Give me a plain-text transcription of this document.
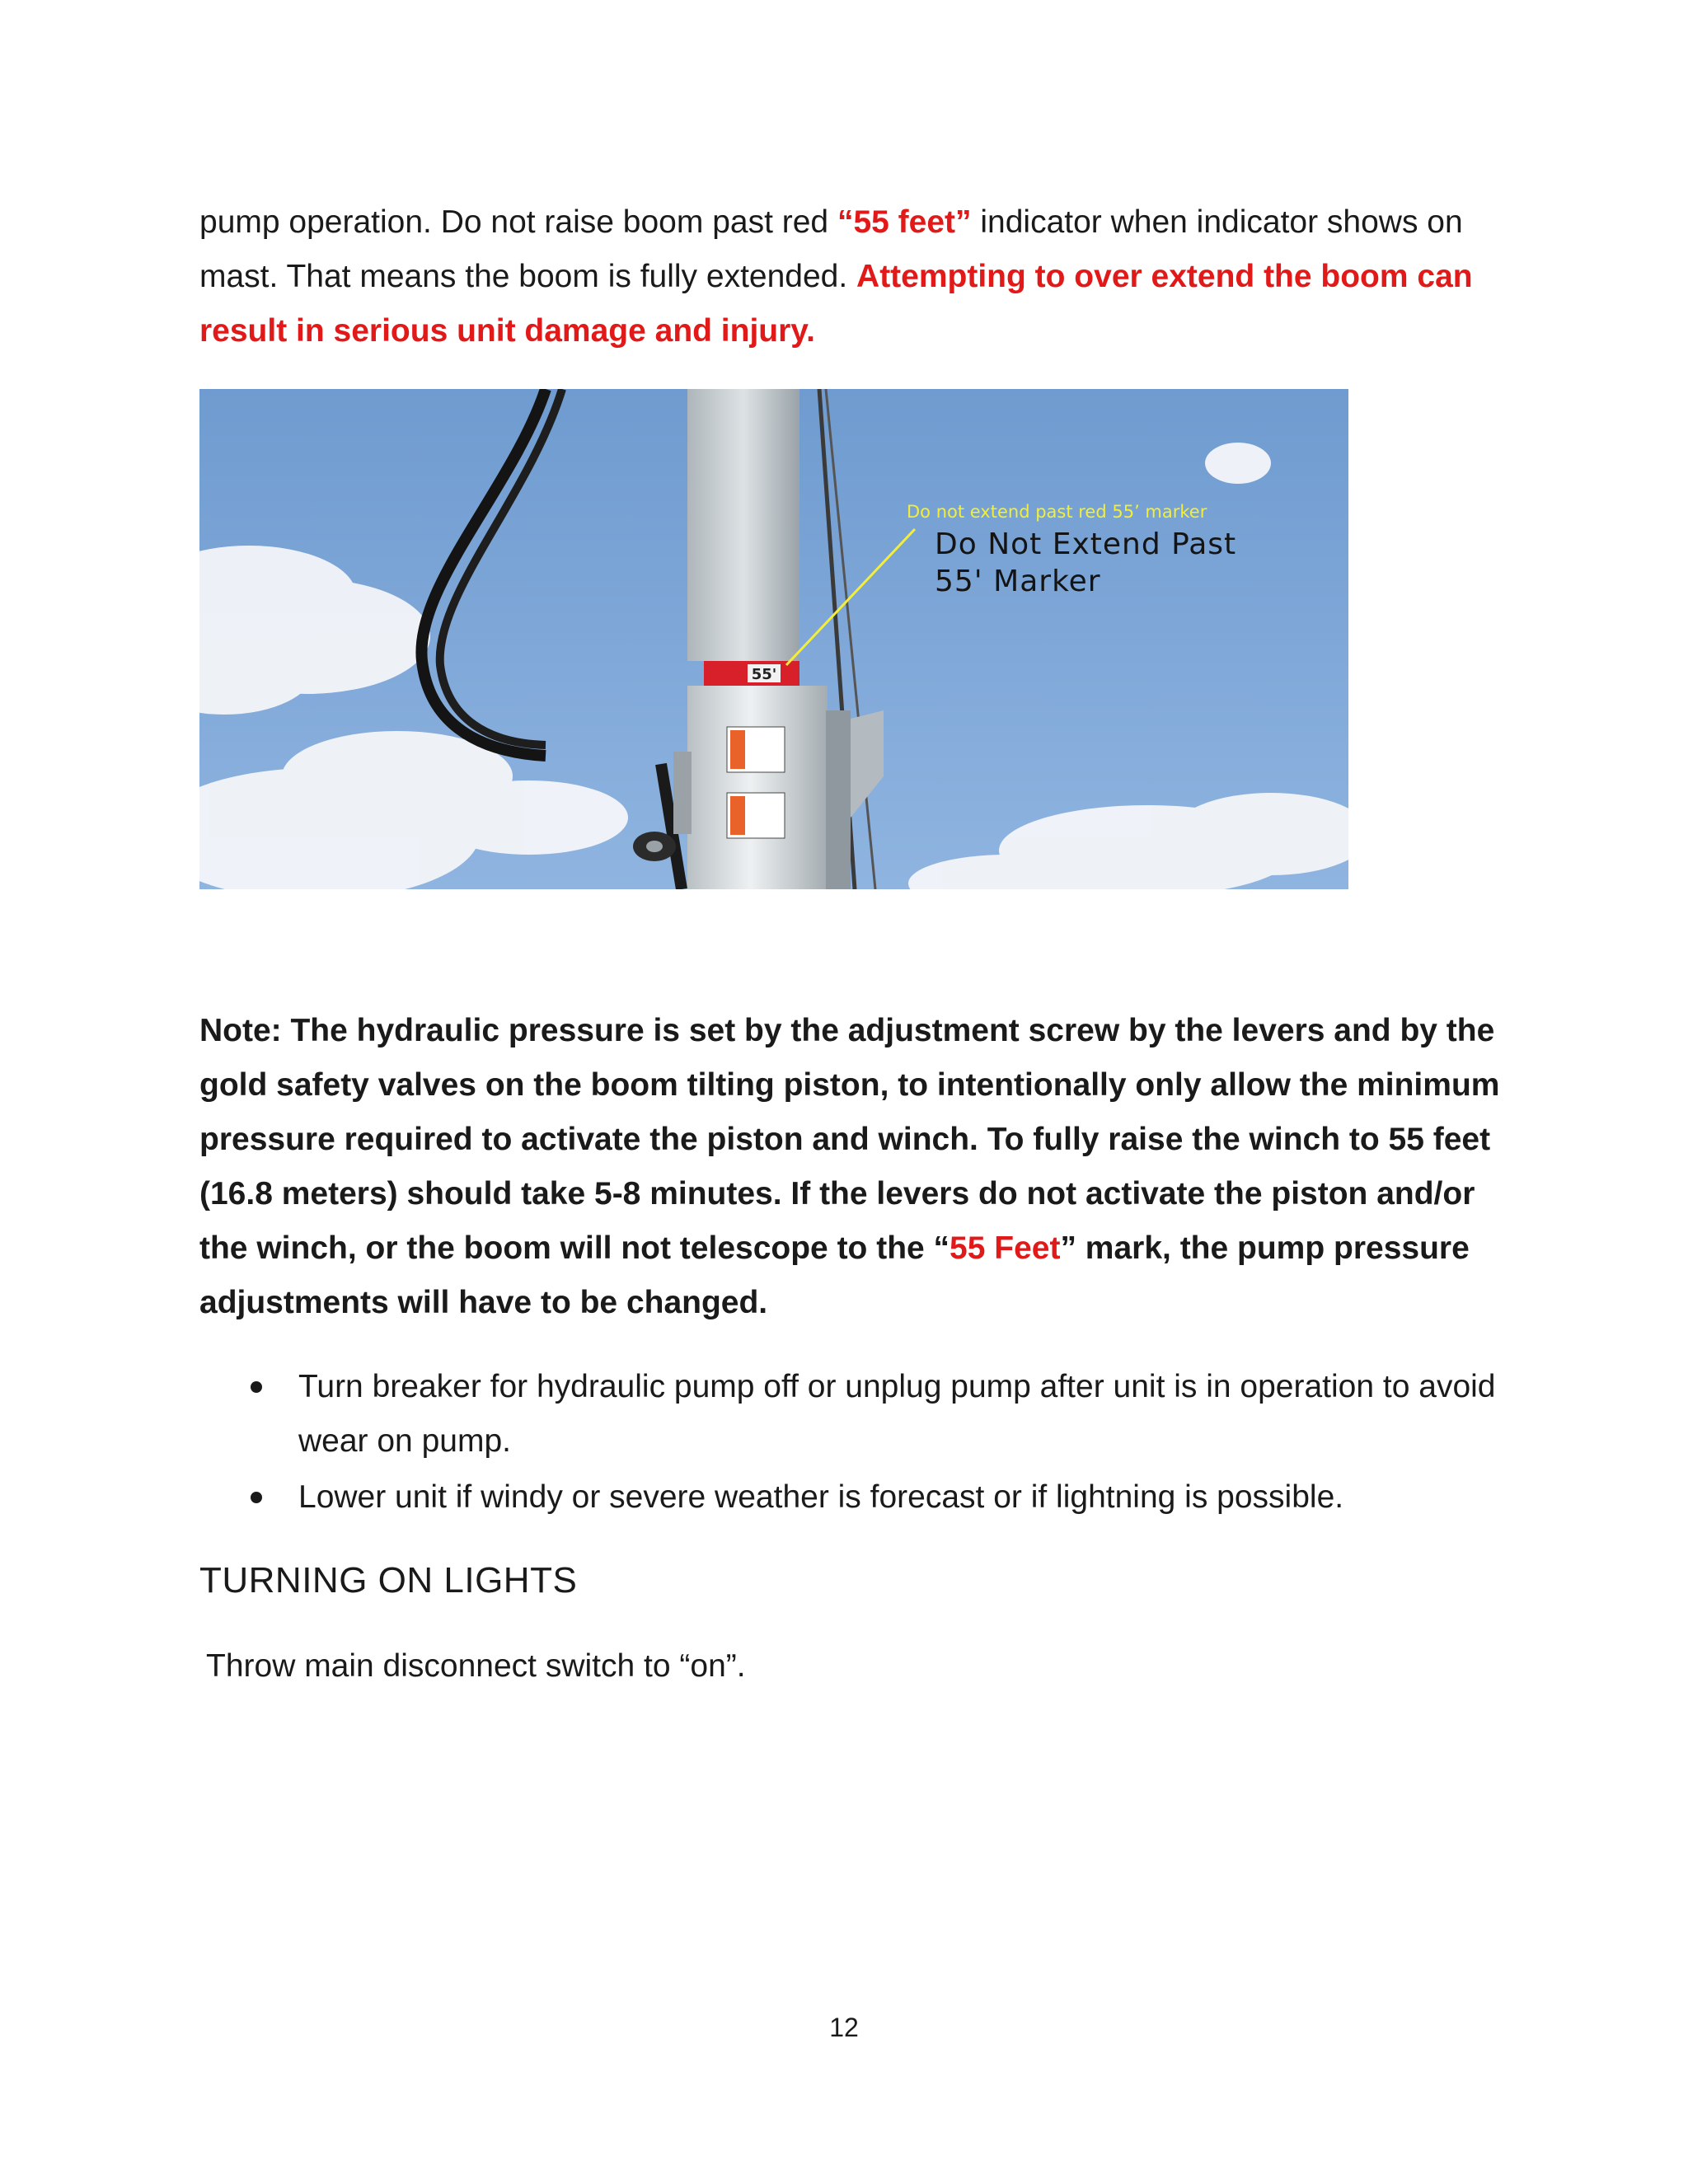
pump operation. Do not raise boom past red “55 feet” indicator when indicator shows on mast. That means the boom is fully extended. Attempting to over extend the boom can result in serious unit damage and injury.
55'
Do not extend past red 55’ marker
Do Not Extend Past
55' Marker
Note: The hydraulic pressure is set by the adjustment screw by the levers and by the gold safety valves on the boom tilting piston, to intentionally only allow the minimum pressure required to activate the piston and winch. To fully raise the winch to 55 feet (16.8 meters) should take 5-8 minutes. If the levers do not activate the piston and/or the winch, or the boom will not telescope to the “55 Feet” mark, the pump pressure adjustments will have to be changed.
Turn breaker for hydraulic pump off or unplug pump after unit is in operation to avoid wear on pump.
Lower unit if windy or severe weather is forecast or if lightning is possible.
TURNING ON LIGHTS
Throw main disconnect switch to “on”.
12
